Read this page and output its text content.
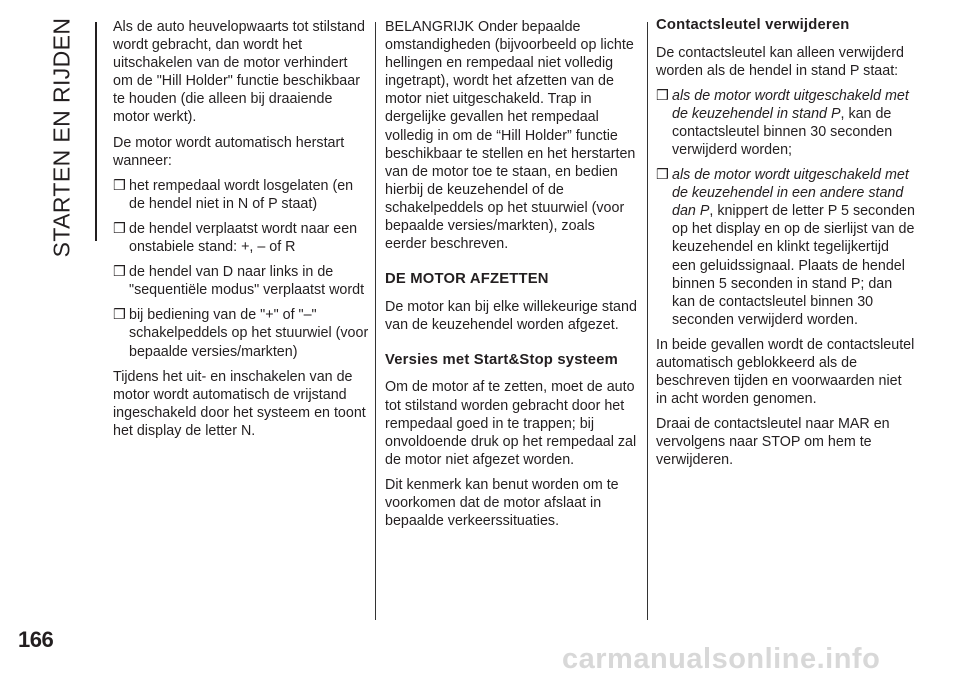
STARTEN EN RIJDEN	Als de auto heuvelopwaarts tot stilstand wordt gebracht, dan wordt het uitschakelen van de motor verhindert om de "Hill Holder" functie beschikbaar te houden (die alleen bij draaiende motor werkt).

De motor wordt automatisch herstart wanneer:

❒ het rempedaal wordt losgelaten (en de hendel niet in N of P staat)
❒ de hendel verplaatst wordt naar een onstabiele stand: +, – of R
❒ de hendel van D naar links in de "sequentiële modus" verplaatst wordt
❒ bij bediening van de "+" of "–" schakelpeddels op het stuurwiel (voor bepaalde versies/markten)

Tijdens het uit- en inschakelen van de motor wordt automatisch de vrijstand ingeschakeld door het systeem en toont het display de letter N.

BELANGRIJK Onder bepaalde omstandigheden (bijvoorbeeld op lichte hellingen en rempedaal niet volledig ingetrapt), wordt het afzetten van de motor niet uitgeschakeld. Trap in dergelijke gevallen het rempedaal volledig in om de “Hill Holder” functie beschikbaar te stellen en het herstarten van de motor toe te staan, en bedien hierbij de keuzehendel of de schakelpeddels op het stuurwiel (voor bepaalde versies/markten), zoals eerder beschreven.

DE MOTOR AFZETTEN

De motor kan bij elke willekeurige stand van de keuzehendel worden afgezet.

Versies met Start&Stop systeem

Om de motor af te zetten, moet de auto tot stilstand worden gebracht door het rempedaal goed in te trappen; bij onvoldoende druk op het rempedaal zal de motor niet afgezet worden.

Dit kenmerk kan benut worden om te voorkomen dat de motor afslaat in bepaalde verkeerssituaties.

Contactsleutel verwijderen

De contactsleutel kan alleen verwijderd worden als de hendel in stand P staat:

❒ als de motor wordt uitgeschakeld met de keuzehendel in stand P, kan de contactsleutel binnen 30 seconden verwijderd worden;
❒ als de motor wordt uitgeschakeld met de keuzehendel in een andere stand dan P, knippert de letter P 5 seconden op het display en op de sierlijst van de keuzehendel en klinkt tegelijkertijd een geluidssignaal. Plaats de hendel binnen 5 seconden in stand P; dan kan de contactsleutel binnen 30 seconden verwijderd worden.

In beide gevallen wordt de contactsleutel automatisch geblokkeerd als de beschreven tijden en voorwaarden niet in acht worden genomen.

Draai de contactsleutel naar MAR en vervolgens naar STOP om hem te verwijderen.

166
carmanualsonline.info
